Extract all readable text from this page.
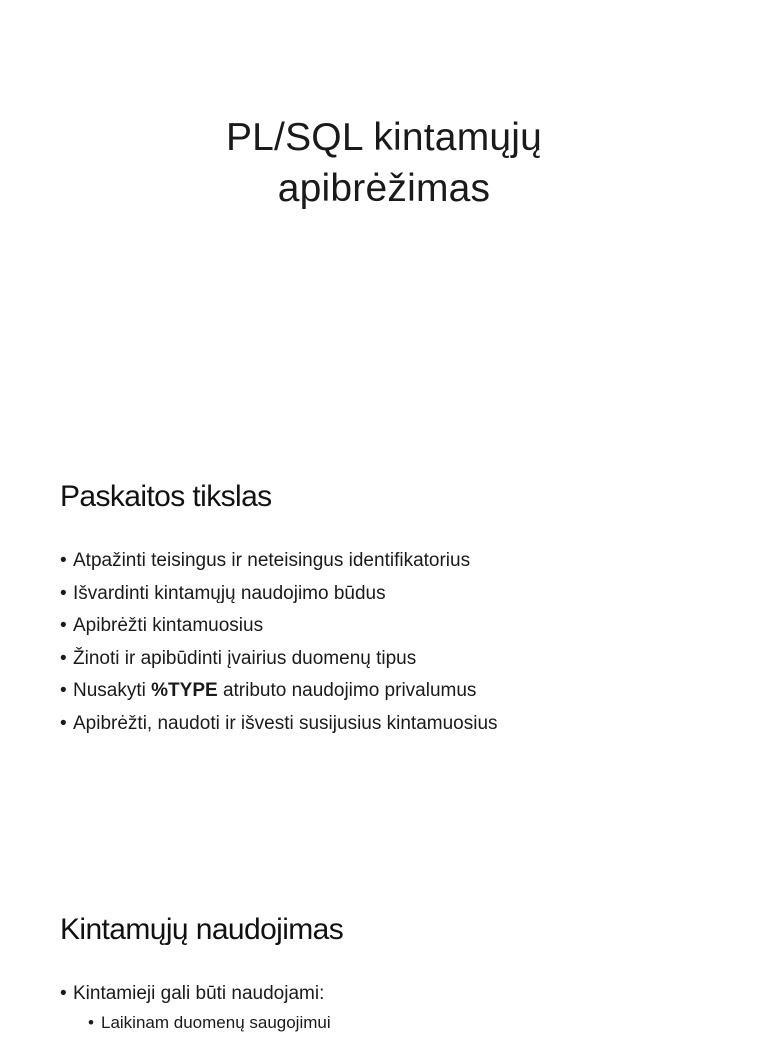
PL/SQL kintamųjų
apibrėžimas
Paskaitos tikslas
• Atpažinti teisingus ir neteisingus identifikatorius
• Išvardinti kintamųjų naudojimo būdus
• Apibrėžti kintamuosius
• Žinoti ir apibūdinti įvairius duomenų tipus
• Nusakyti %TYPE atributo naudojimo privalumus
• Apibrėžti, naudoti ir išvesti susijusius kintamuosius
Kintamųjų naudojimas
• Kintamieji gali būti naudojami:
• Laikinam duomenų saugojimui
